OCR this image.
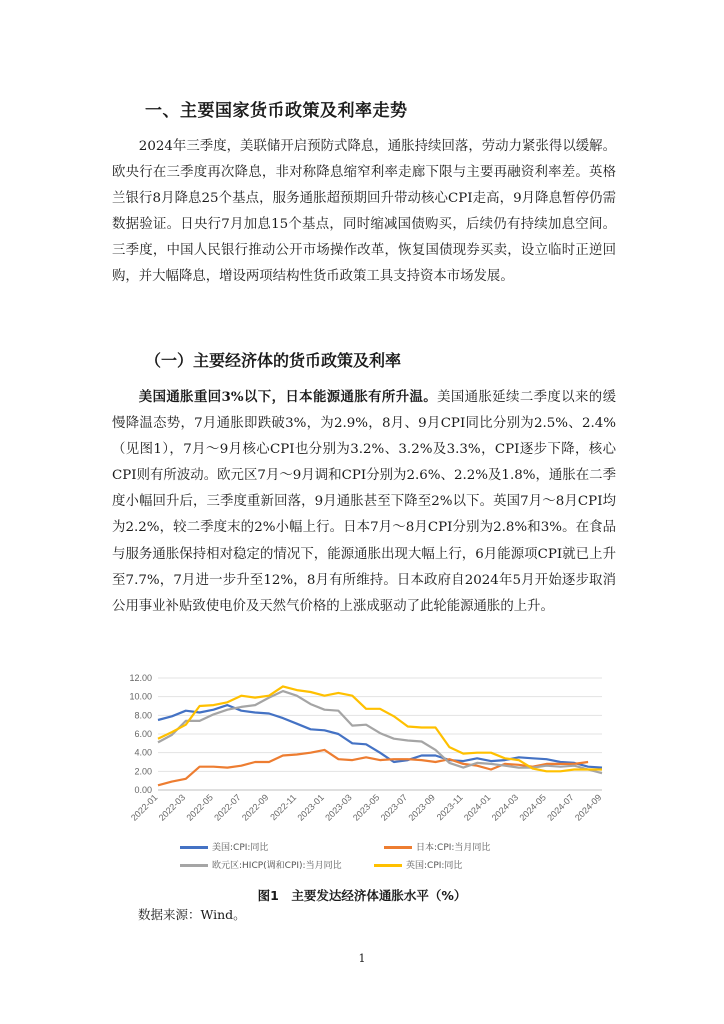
一、主要国家货币政策及利率走势

2024年三季度，美联储开启预防式降息，通胀持续回落，劳动力紧张得以缓解。欧央行在三季度再次降息，非对称降息缩窄利率走廊下限与主要再融资利率差。英格兰银行8月降息25个基点，服务通胀超预期回升带动核心CPI走高，9月降息暂停仍需数据验证。日央行7月加息15个基点，同时缩减国债购买，后续仍有持续加息空间。三季度，中国人民银行推动公开市场操作改革，恢复国债现券买卖，设立临时正逆回购，并大幅降息，增设两项结构性货币政策工具支持资本市场发展。

（一）主要经济体的货币政策及利率

美国通胀重回3%以下，日本能源通胀有所升温。美国通胀延续二季度以来的缓慢降温态势，7月通胀即跌破3%，为2.9%，8月、9月CPI同比分别为2.5%、2.4%（见图1），7月～9月核心CPI也分别为3.2%、3.2%及3.3%，CPI逐步下降，核心CPI则有所波动。欧元区7月～9月调和CPI分别为2.6%、2.2%及1.8%，通胀在二季度小幅回升后，三季度重新回落，9月通胀甚至下降至2%以下。英国7月～8月CPI均为2.2%，较二季度末的2%小幅上行。日本7月～8月CPI分别为2.8%和3%。在食品与服务通胀保持相对稳定的情况下，能源通胀出现大幅上行，6月能源项CPI就已上升至7.7%，7月进一步升至12%，8月有所维持。日本政府自2024年5月开始逐步取消公用事业补贴致使电价及天然气价格的上涨成驱动了此轮能源通胀的上升。

0.00
2.00
4.00
6.00
8.00
10.00
12.00
2022-01
2022-03
2022-05
2022-07
2022-09
2022-11
2023-01
2023-03
2023-05
2023-07
2023-09
2023-11
2024-01
2024-03
2024-05
2024-07
2024-09
美国:CPI:同比	日本:CPI:当月同比
欧元区:HICP(调和CPI):当月同比	英国:CPI:同比
图1　主要发达经济体通胀水平（%）
数据来源：Wind。
1
